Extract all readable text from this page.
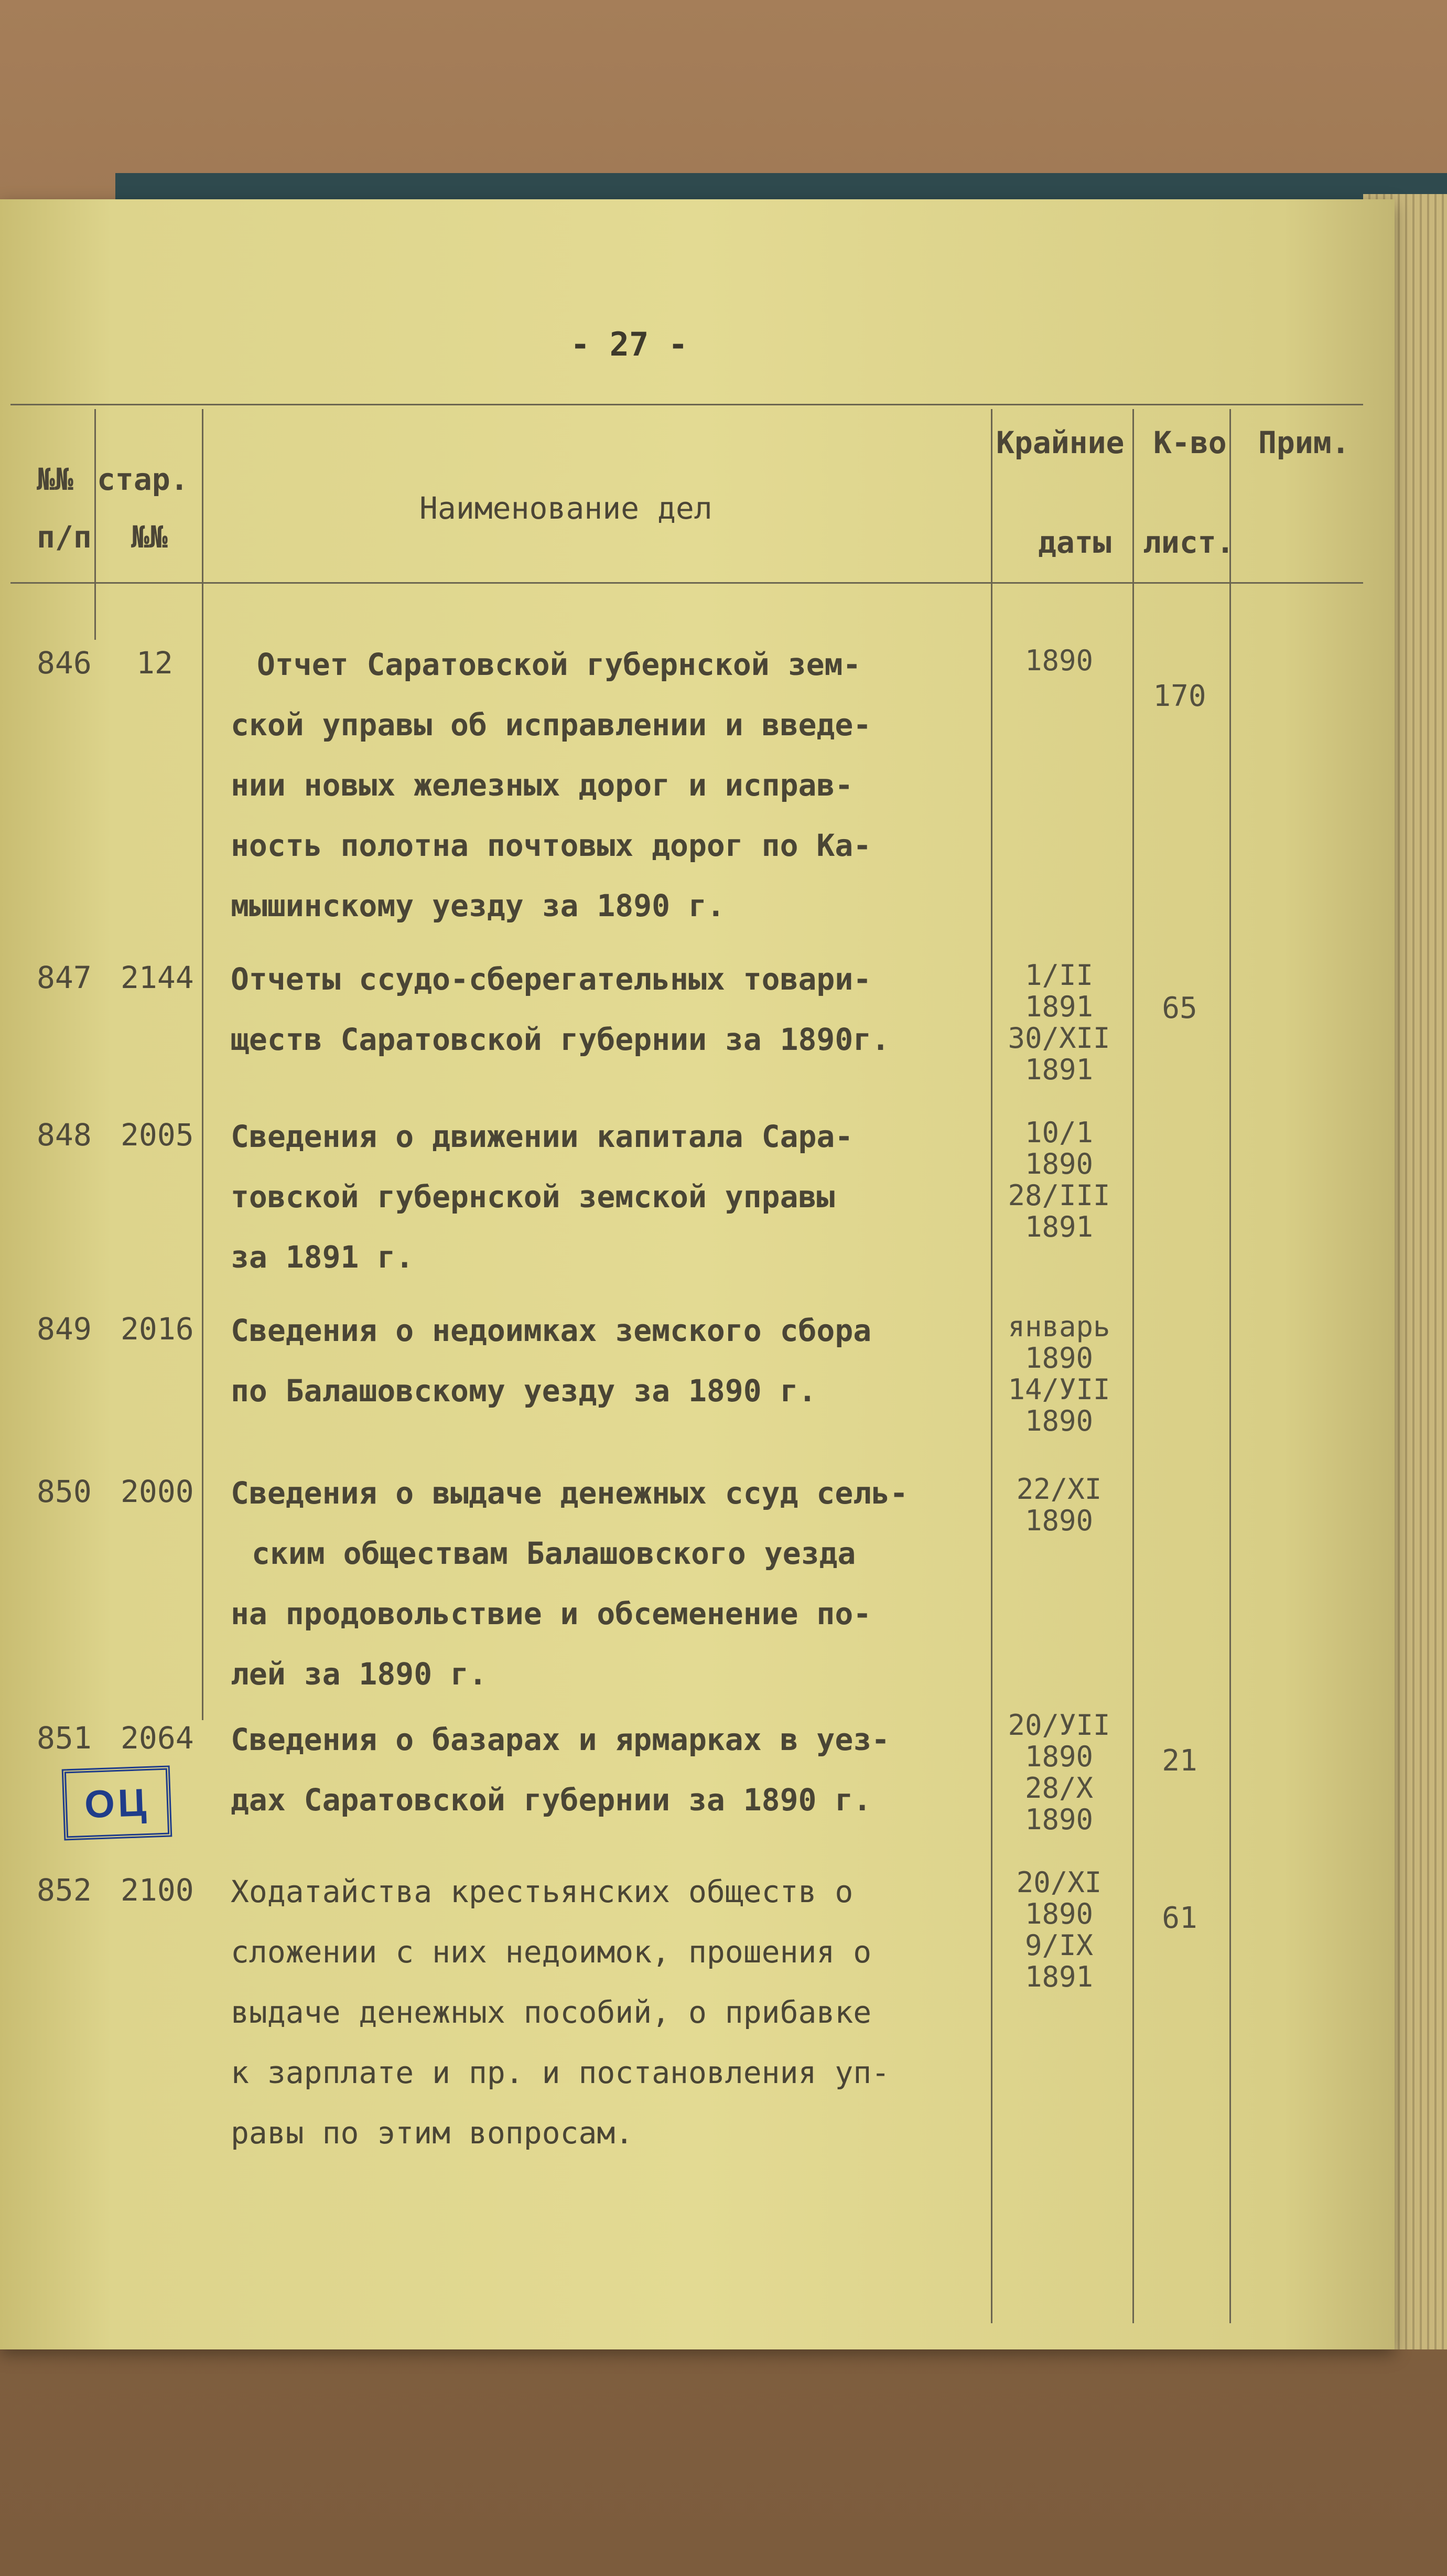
- 27 -
№№
п/п
стар.
№№
Наименование дел
Крайние
даты
К-во
лист.
Прим.
846 12	Отчет Саратовской губернской зем-
ской управы об исправлении и введе-
нии новых железных дорог и исправ-
ность полотна почтовых дорог по Ка-
мышинскому уезду за 1890 г.
1890
170
847 2144 Отчеты ссудо-сберегательных товари-
ществ Саратовской губернии за 1890г.
1/II
1891
30/XII
1891
65
848 2005 Сведения о движении капитала Сара-
товской губернской земской управы
за 1891 г.
10/1
1890
28/III
1891
849 2016 Сведения о недоимках земского сбора
по Балашовскому уезду за 1890 г.
январь
1890
14/УII
1890
850 2000 Сведения о выдаче денежных ссуд сель-
ским обществам Балашовского уезда
на продовольствие и обсеменение по-
лей за 1890 г.
22/XI
1890
851 2064 Сведения о базарах и ярмарках в уез-
дах Саратовской губернии за 1890 г.
20/УII
1890
28/X
1890
21
852 2100 Ходатайства крестьянских обществ о
сложении с них недоимок, прошения о
выдаче денежных пособий, о прибавке
к зарплате и пр. и постановления уп-
равы по этим вопросам.
20/XI
1890
9/IX
1891
61
ОЦ
